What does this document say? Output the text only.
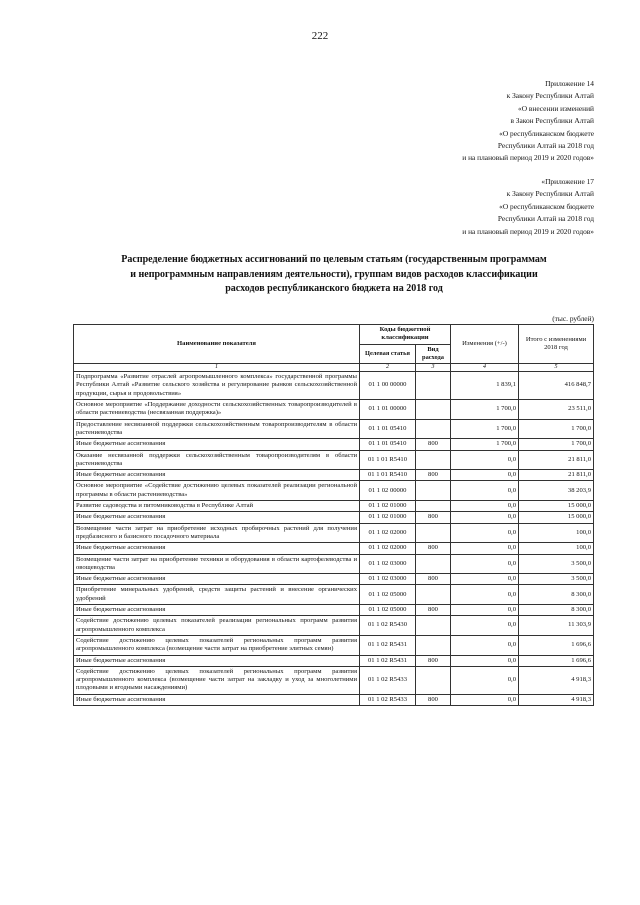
222
Приложение 14
к Закону Республики Алтай
«О внесении изменений
в Закон Республики Алтай
«О республиканском бюджете
Республики Алтай на 2018 год
и на плановый период 2019 и 2020 годов»
«Приложение 17
к Закону Республики Алтай
«О республиканском бюджете
Республики Алтай на 2018 год
и на плановый период 2019 и 2020 годов»
Распределение бюджетных ассигнований по целевым статьям (государственным программам
и непрограммным направлениям деятельности), группам видов расходов классификации
расходов республиканского бюджета на 2018 год
(тыс. рублей)
Наименование показателя	Коды бюджетной классификации		Изменения (+/-)	Итого с изменениями 2018 год
	Целевая статья	Вид расхода		
1	2	3	4	5
Подпрограмма «Развитие отраслей агропромышленного комплекса» государственной программы Республики Алтай «Развитие сельского хозяйства и регулирование рынков сельскохозяйственной продукции, сырья и продовольствия»	01 1 00 00000		1 839,1	416 848,7
Основное мероприятие «Поддержание доходности сельскохозяйственных товаропроизводителей в области растениеводства (несвязанная поддержка)»	01 1 01 00000		1 700,0	23 511,0
Предоставление несвязанной поддержки сельскохозяйственным товаропроизводителям в области растениеводства	01 1 01 05410		1 700,0	1 700,0
Иные бюджетные ассигнования	01 1 01 05410	800	1 700,0	1 700,0
Оказание несвязанной поддержки сельскохозяйственным товаропроизводителям в области растениеводства	01 1 01 R5410		0,0	21 811,0
Иные бюджетные ассигнования	01 1 01 R5410	800	0,0	21 811,0
Основное мероприятие «Содействие достижению целевых показателей реализации региональной программы в области растениеводства»	01 1 02 00000		0,0	38 203,9
Развитие садоводства и питомниководства в Республике Алтай	01 1 02 01000		0,0	15 000,0
Иные бюджетные ассигнования	01 1 02 01000	800	0,0	15 000,0
Возмещение части затрат на приобретение исходных пробирочных растений для получения предбазисного и базисного посадочного материала	01 1 02 02000		0,0	100,0
Иные бюджетные ассигнования	01 1 02 02000	800	0,0	100,0
Возмещение части затрат на приобретение техники и оборудования в области картофелеводства и овощеводства	01 1 02 03000		0,0	3 500,0
Иные бюджетные ассигнования	01 1 02 03000	800	0,0	3 500,0
Приобретение минеральных удобрений, средств защиты растений и внесение органических удобрений	01 1 02 05000		0,0	8 300,0
Иные бюджетные ассигнования	01 1 02 05000	800	0,0	8 300,0
Содействие достижению целевых показателей реализации региональных программ развития агропромышленного комплекса	01 1 02 R5430		0,0	11 303,9
Содействие достижению целевых показателей региональных программ развития агропромышленного комплекса (возмещение части затрат на приобретение элитных семян)	01 1 02 R5431		0,0	1 696,6
Иные бюджетные ассигнования	01 1 02 R5431	800	0,0	1 696,6
Содействие достижению целевых показателей региональных программ развития агропромышленного комплекса (возмещение части затрат на закладку и уход за многолетними плодовыми и ягодными насаждениями)	01 1 02 R5433		0,0	4 918,3
Иные бюджетные ассигнования	01 1 02 R5433	800	0,0	4 918,3
